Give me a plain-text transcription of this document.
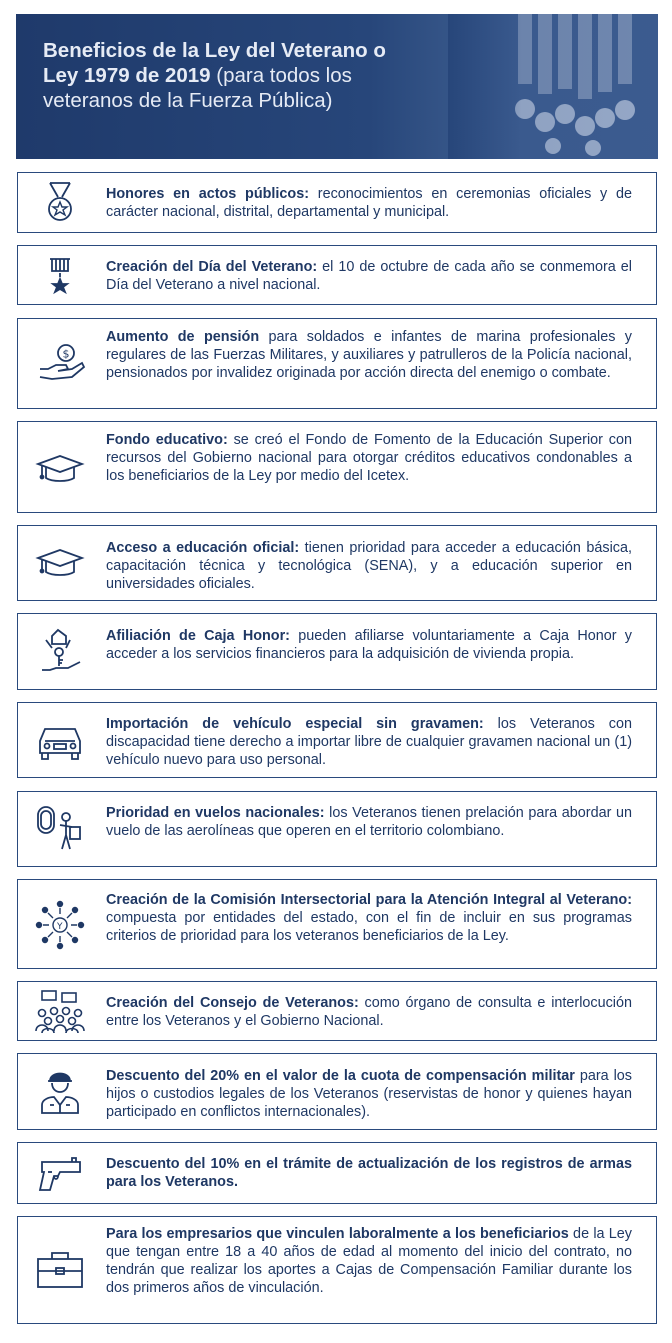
Beneficios de la Ley del Veterano o Ley 1979 de 2019 (para todos los veteranos de la Fuerza Pública)
Honores en actos públicos: reconocimientos en ceremonias oficiales y de carácter nacional, distrital, departamental y municipal.
Creación del Día del Veterano: el 10 de octubre de cada año se conmemora el Día del Veterano a nivel nacional.
$
Aumento de pensión para soldados e infantes de marina profesionales y regulares de las Fuerzas Militares, y auxiliares y patrulleros de la Policía nacional, pensionados por invalidez originada por acción directa del enemigo o combate.
Fondo educativo: se creó el Fondo de Fomento de la Educación Superior con recursos del Gobierno nacional para otorgar créditos educativos condonables a los beneficiarios de la Ley por medio del Icetex.
Acceso a educación oficial: tienen prioridad para acceder a educación básica, capacitación técnica y tecnológica (SENA), y a educación superior en universidades oficiales.
Afiliación de Caja Honor: pueden afiliarse voluntariamente a Caja Honor y acceder a los servicios financieros para la adquisición de vivienda propia.
Importación de vehículo especial sin gravamen: los Veteranos con discapacidad tiene derecho a importar libre de cualquier gravamen nacional un (1) vehículo nuevo para uso personal.
Prioridad en vuelos nacionales: los Veteranos tienen prelación para abordar un vuelo de las aerolíneas que operen en el territorio colombiano.
Y
Creación de la Comisión Intersectorial para la Atención Integral al Veterano: compuesta por entidades del estado, con el fin de incluir en sus programas criterios de prioridad para los veteranos beneficiarios de la Ley.
Creación del Consejo de Veteranos: como órgano de consulta e interlocución entre los Veteranos y el Gobierno Nacional.
Descuento del 20% en el valor de la cuota de compensación militar para los hijos o custodios legales de los Veteranos (reservistas de honor y quienes hayan participado en conflictos internacionales).
Descuento del 10% en el trámite de actualización de los registros de armas para los Veteranos.
Para los empresarios que vinculen laboralmente a los beneficiarios de la Ley que tengan entre 18 a 40 años de edad al momento del inicio del contrato, no tendrán que realizar los aportes a Cajas de Compensación Familiar durante los dos primeros años de vinculación.
